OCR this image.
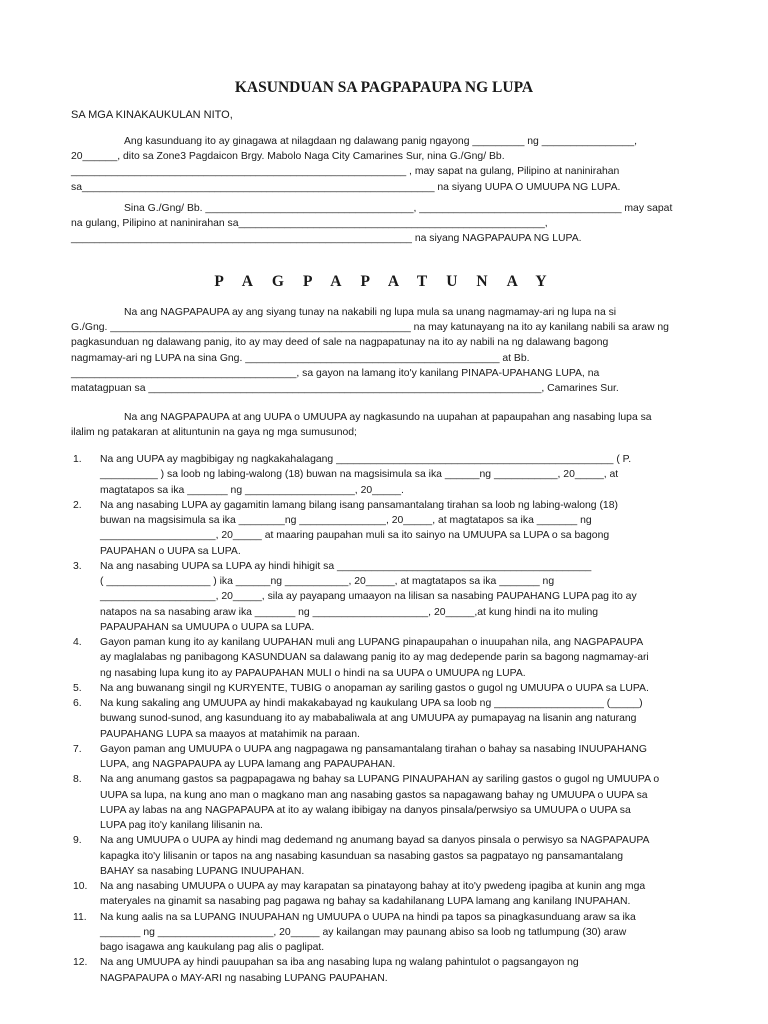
KASUNDUAN SA PAGPAPAUPA NG LUPA
SA MGA KINAKAUKULAN NITO,
Ang kasunduang ito ay ginagawa at nilagdaan ng dalawang panig ngayong _________ ng ________________,
20______, dito sa Zone3 Pagdaicon Brgy. Mabolo Naga City Camarines Sur, nina G./Gng/ Bb.
__________________________________________________________ , may sapat na gulang, Pilipino at naninirahan
sa_____________________________________________________________ na siyang UUPA O UMUUPA NG LUPA.
Sina G./Gng/ Bb. ____________________________________, ___________________________________ may sapat
na gulang, Pilipino at naninirahan sa_____________________________________________________,
___________________________________________________________ na siyang NAGPAPAUPA NG LUPA.
PAGPAPATUNAY
Na ang NAGPAPAUPA ay ang siyang tunay na nakabili ng lupa mula sa unang nagmamay-ari ng lupa na si
G./Gng. ____________________________________________________ na may katunayang na ito ay kanilang nabili sa araw ng
pagkasunduan ng dalawang panig, ito ay may deed of sale na nagpapatunay na ito ay nabili na ng dalawang bagong
nagmamay-ari ng LUPA na sina Gng. ____________________________________________ at Bb.
_______________________________________, sa gayon na lamang ito'y kanilang PINAPA-UPAHANG LUPA, na
matatagpuan sa ____________________________________________________________________, Camarines Sur.
Na ang NAGPAPAUPA at ang UUPA o UMUUPA ay nagkasundo na uupahan at papaupahan ang nasabing lupa sa
ilalim ng patakaran at alituntunin na gaya ng mga sumusunod;
1. Na ang UUPA ay magbibigay ng nagkakahalagang ________________________________________________ ( P.
__________ ) sa loob ng labing-walong (18) buwan na magsisimula sa ika ______ng ___________, 20_____, at
magtatapos sa ika _______ ng ___________________, 20_____.
2. Na ang nasabing LUPA ay gagamitin lamang bilang isang pansamantalang tirahan sa loob ng labing-walong (18)
buwan na magsisimula sa ika ________ng _______________, 20_____, at magtatapos sa ika _______ ng
____________________, 20_____ at maaring paupahan muli sa ito sainyo na UMUUPA sa LUPA o sa bagong
PAUPAHAN o UUPA sa LUPA.
3. Na ang nasabing UUPA sa LUPA ay hindi hihigit sa ____________________________________________
( __________________ ) ika ______ng ___________, 20_____, at magtatapos sa ika _______ ng
____________________, 20_____, sila ay payapang umaayon na lilisan sa nasabing PAUPAHANG LUPA pag ito ay
natapos na sa nasabing araw ika _______ ng ____________________, 20_____,at kung hindi na ito muling
PAPAUPAHAN sa UMUUPA o UUPA sa LUPA.
4. Gayon paman kung ito ay kanilang UUPAHAN muli ang LUPANG pinapaupahan o inuupahan nila, ang NAGPAPAUPA
ay maglalabas ng panibagong KASUNDUAN sa dalawang panig ito ay mag dedepende parin sa bagong nagmamay-ari
ng nasabing lupa kung ito ay PAPAUPAHAN MULI o hindi na sa UUPA o UMUUPA ng LUPA.
5. Na ang buwanang singil ng KURYENTE, TUBIG o anopaman ay sariling gastos o gugol ng UMUUPA o UUPA sa LUPA.
6. Na kung sakaling ang UMUUPA ay hindi makakabayad ng kaukulang UPA sa loob ng ___________________ (_____)
buwang sunod-sunod, ang kasunduang ito ay mababaliwala at ang UMUUPA ay pumapayag na lisanin ang naturang
PAUPAHANG LUPA sa maayos at matahimik na paraan.
7. Gayon paman ang UMUUPA o UUPA ang nagpagawa ng pansamantalang tirahan o bahay sa nasabing INUUPAHANG
LUPA, ang NAGPAPAUPA ay LUPA lamang ang PAPAUPAHAN.
8. Na ang anumang gastos sa pagpapagawa ng bahay sa LUPANG PINAUPAHAN ay sariling gastos o gugol ng UMUUPA o
UUPA sa lupa, na kung ano man o magkano man ang nasabing gastos sa napagawang bahay ng UMUUPA o UUPA sa
LUPA ay labas na ang NAGPAPAUPA at ito ay walang ibibigay na danyos pinsala/perwsiyo sa UMUUPA o UUPA sa
LUPA pag ito'y kanilang lilisanin na.
9. Na ang UMUUPA o UUPA ay hindi mag dedemand ng anumang bayad sa danyos pinsala o perwisyo sa NAGPAPAUPA
kapagka ito'y lilisanin or tapos na ang nasabing kasunduan sa nasabing gastos sa pagpatayo ng pansamantalang
BAHAY sa nasabing LUPANG INUUPAHAN.
10. Na ang nasabing UMUUPA o UUPA ay may karapatan sa pinatayong bahay at ito'y pwedeng ipagiba at kunin ang mga
materyales na ginamit sa nasabing pag pagawa ng bahay sa kadahilanang LUPA lamang ang kanilang INUPAHAN.
11. Na kung aalis na sa LUPANG INUUPAHAN ng UMUUPA o UUPA na hindi pa tapos sa pinagkasunduang araw sa ika
_______ ng ____________________, 20_____ ay kailangan may paunang abiso sa loob ng tatlumpung (30) araw
bago isagawa ang kaukulang pag alis o paglipat.
12. Na ang UMUUPA ay hindi pauupahan sa iba ang nasabing lupa ng walang pahintulot o pagsangayon ng
NAGPAPAUPA o MAY-ARI ng nasabing LUPANG PAUPAHAN.
